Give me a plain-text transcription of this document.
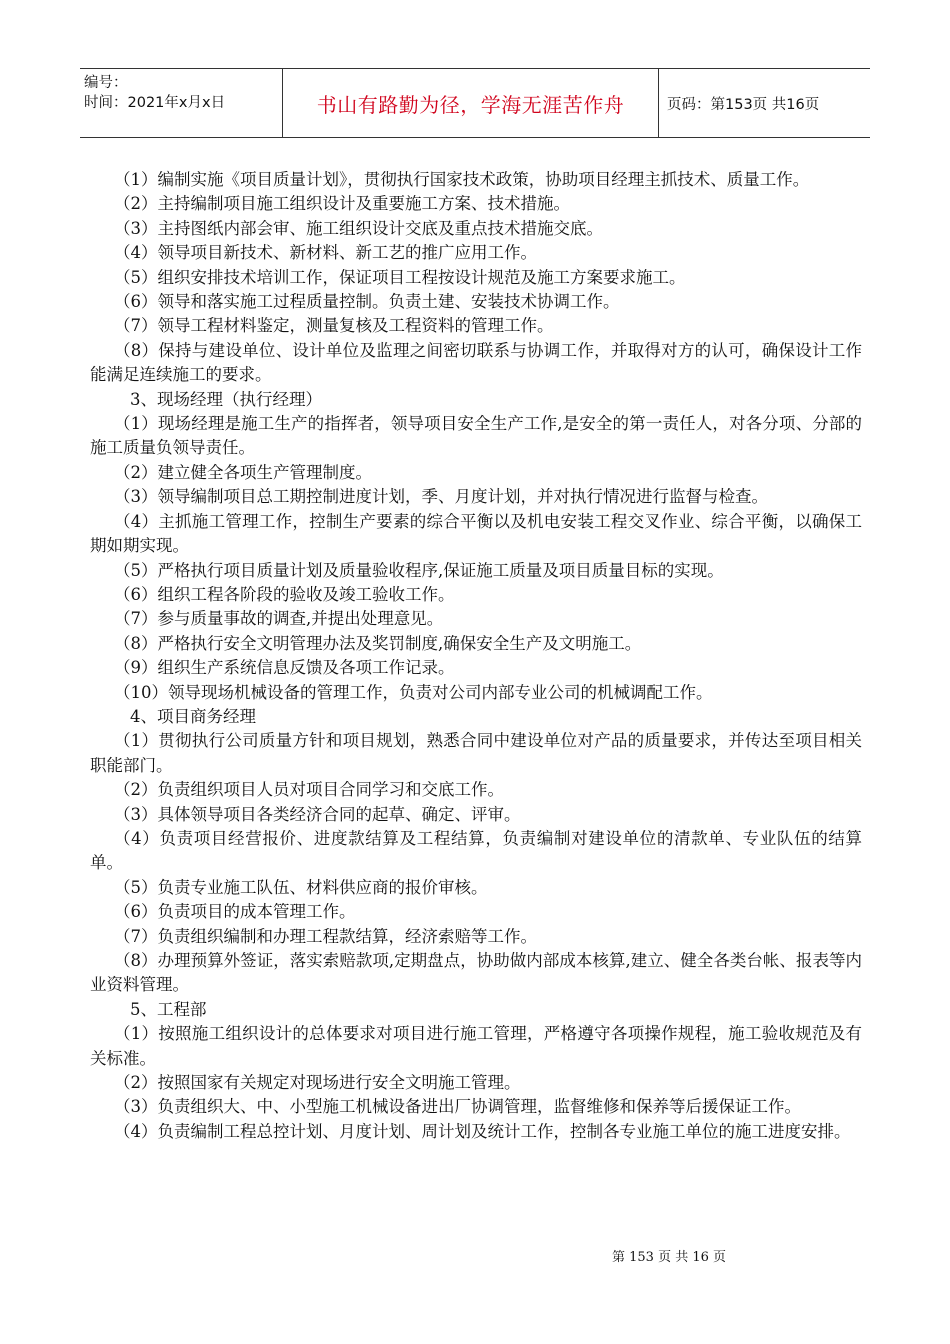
编号：
时间：2021年x月x日	书山有路勤为径，学海无涯苦作舟	页码：第153页 共16页

（1）编制实施《项目质量计划》，贯彻执行国家技术政策，协助项目经理主抓技术、质量工作。

（2）主持编制项目施工组织设计及重要施工方案、技术措施。

（3）主持图纸内部会审、施工组织设计交底及重点技术措施交底。

（4）领导项目新技术、新材料、新工艺的推广应用工作。

（5）组织安排技术培训工作，保证项目工程按设计规范及施工方案要求施工。

（6）领导和落实施工过程质量控制。负责土建、安装技术协调工作。

（7）领导工程材料鉴定，测量复核及工程资料的管理工作。

（8）保持与建设单位、设计单位及监理之间密切联系与协调工作，并取得对方的认可，确保设计工作能满足连续施工的要求。

3、现场经理（执行经理）

（1）现场经理是施工生产的指挥者，领导项目安全生产工作,是安全的第一责任人，对各分项、分部的施工质量负领导责任。

（2）建立健全各项生产管理制度。

（3）领导编制项目总工期控制进度计划，季、月度计划，并对执行情况进行监督与检查。

（4）主抓施工管理工作，控制生产要素的综合平衡以及机电安装工程交叉作业、综合平衡，以确保工期如期实现。

（5）严格执行项目质量计划及质量验收程序,保证施工质量及项目质量目标的实现。

（6）组织工程各阶段的验收及竣工验收工作。

（7）参与质量事故的调查,并提出处理意见。

（8）严格执行安全文明管理办法及奖罚制度,确保安全生产及文明施工。

（9）组织生产系统信息反馈及各项工作记录。

（10）领导现场机械设备的管理工作，负责对公司内部专业公司的机械调配工作。

4、项目商务经理

（1）贯彻执行公司质量方针和项目规划，熟悉合同中建设单位对产品的质量要求，并传达至项目相关职能部门。

（2）负责组织项目人员对项目合同学习和交底工作。

（3）具体领导项目各类经济合同的起草、确定、评审。

（4）负责项目经营报价、进度款结算及工程结算，负责编制对建设单位的清款单、专业队伍的结算单。

（5）负责专业施工队伍、材料供应商的报价审核。

（6）负责项目的成本管理工作。

（7）负责组织编制和办理工程款结算，经济索赔等工作。

（8）办理预算外签证，落实索赔款项,定期盘点，协助做内部成本核算,建立、健全各类台帐、报表等内业资料管理。

5、工程部

（1）按照施工组织设计的总体要求对项目进行施工管理，严格遵守各项操作规程，施工验收规范及有关标准。

（2）按照国家有关规定对现场进行安全文明施工管理。

（3）负责组织大、中、小型施工机械设备进出厂协调管理，监督维修和保养等后援保证工作。

（4）负责编制工程总控计划、月度计划、周计划及统计工作，控制各专业施工单位的施工进度安排。

第 153 页 共 16 页
